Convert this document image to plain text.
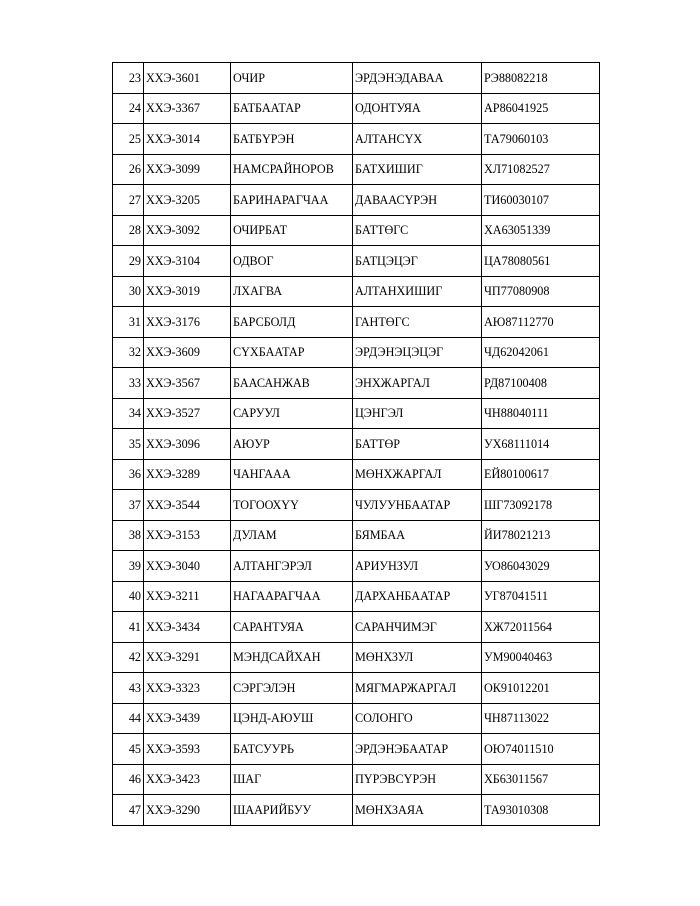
23	ХХЭ-3601	ОЧИР	ЭРДЭНЭДАВАА	РЭ88082218
24	ХХЭ-3367	БАТБААТАР	ОДОНТУЯА	АР86041925
25	ХХЭ-3014	БАТБҮРЭН	АЛТАНСҮХ	ТА79060103
26	ХХЭ-3099	НАМСРАЙНОРОВ	БАТХИШИГ	ХЛ71082527
27	ХХЭ-3205	БАРИНАРАГЧАА	ДАВААСҮРЭН	ТИ60030107
28	ХХЭ-3092	ОЧИРБАТ	БАТТӨГС	ХА63051339
29	ХХЭ-3104	ОДВОГ	БАТЦЭЦЭГ	ЦА78080561
30	ХХЭ-3019	ЛХАГВА	АЛТАНХИШИГ	ЧП77080908
31	ХХЭ-3176	БАРСБОЛД	ГАНТӨГС	АЮ87112770
32	ХХЭ-3609	СҮХБААТАР	ЭРДЭНЭЦЭЦЭГ	ЧД62042061
33	ХХЭ-3567	БААСАНЖАВ	ЭНХЖАРГАЛ	РД87100408
34	ХХЭ-3527	САРУУЛ	ЦЭНГЭЛ	ЧН88040111
35	ХХЭ-3096	АЮУР	БАТТӨР	УХ68111014
36	ХХЭ-3289	ЧАНГААА	МӨНХЖАРГАЛ	ЕЙ80100617
37	ХХЭ-3544	ТОГООХҮҮ	ЧУЛУУНБААТАР	ШГ73092178
38	ХХЭ-3153	ДУЛАМ	БЯМБАА	ЙИ78021213
39	ХХЭ-3040	АЛТАНГЭРЭЛ	АРИУНЗУЛ	УО86043029
40	ХХЭ-3211	НАГААРАГЧАА	ДАРХАНБААТАР	УГ87041511
41	ХХЭ-3434	САРАНТУЯА	САРАНЧИМЭГ	ХЖ72011564
42	ХХЭ-3291	МЭНДСАЙХАН	МӨНХЗУЛ	УМ90040463
43	ХХЭ-3323	СЭРГЭЛЭН	МЯГМАРЖАРГАЛ	ОК91012201
44	ХХЭ-3439	ЦЭНД-АЮУШ	СОЛОНГО	ЧН87113022
45	ХХЭ-3593	БАТСУУРЬ	ЭРДЭНЭБААТАР	ОЮ74011510
46	ХХЭ-3423	ШАГ	ПҮРЭВСҮРЭН	ХБ63011567
47	ХХЭ-3290	ШААРИЙБУУ	МӨНХЗАЯА	ТА93010308
